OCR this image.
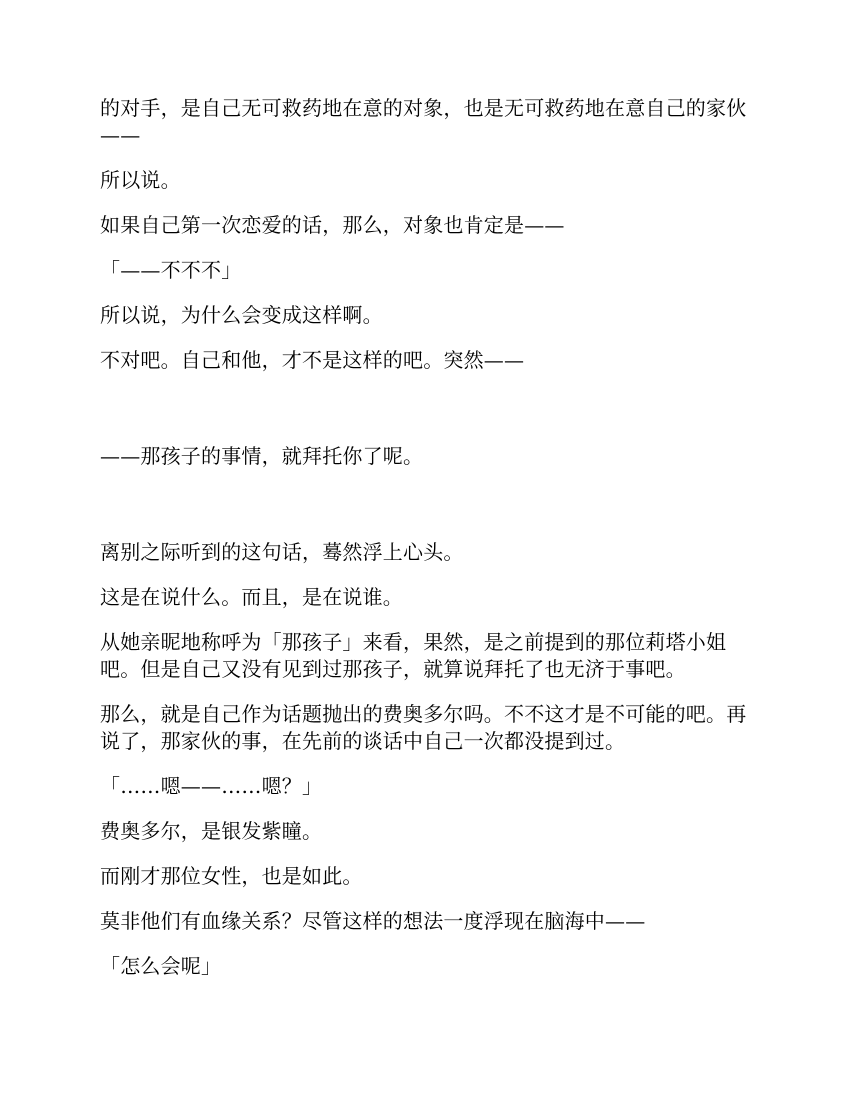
的对手，是自己无可救药地在意的对象，也是无可救药地在意自己的家伙——

所以说。

如果自己第一次恋爱的话，那么，对象也肯定是——

「——不不不」

所以说，为什么会变成这样啊。

不对吧。自己和他，才不是这样的吧。突然——

——那孩子的事情，就拜托你了呢。

离别之际听到的这句话，蓦然浮上心头。

这是在说什么。而且，是在说谁。

从她亲昵地称呼为「那孩子」来看，果然，是之前提到的那位莉塔小姐吧。但是自己又没有见到过那孩子，就算说拜托了也无济于事吧。

那么，就是自己作为话题抛出的费奥多尔吗。不不这才是不可能的吧。再说了，那家伙的事，在先前的谈话中自己一次都没提到过。

「……嗯——……嗯？」

费奥多尔，是银发紫瞳。

而刚才那位女性，也是如此。

莫非他们有血缘关系？尽管这样的想法一度浮现在脑海中——

「怎么会呢」
